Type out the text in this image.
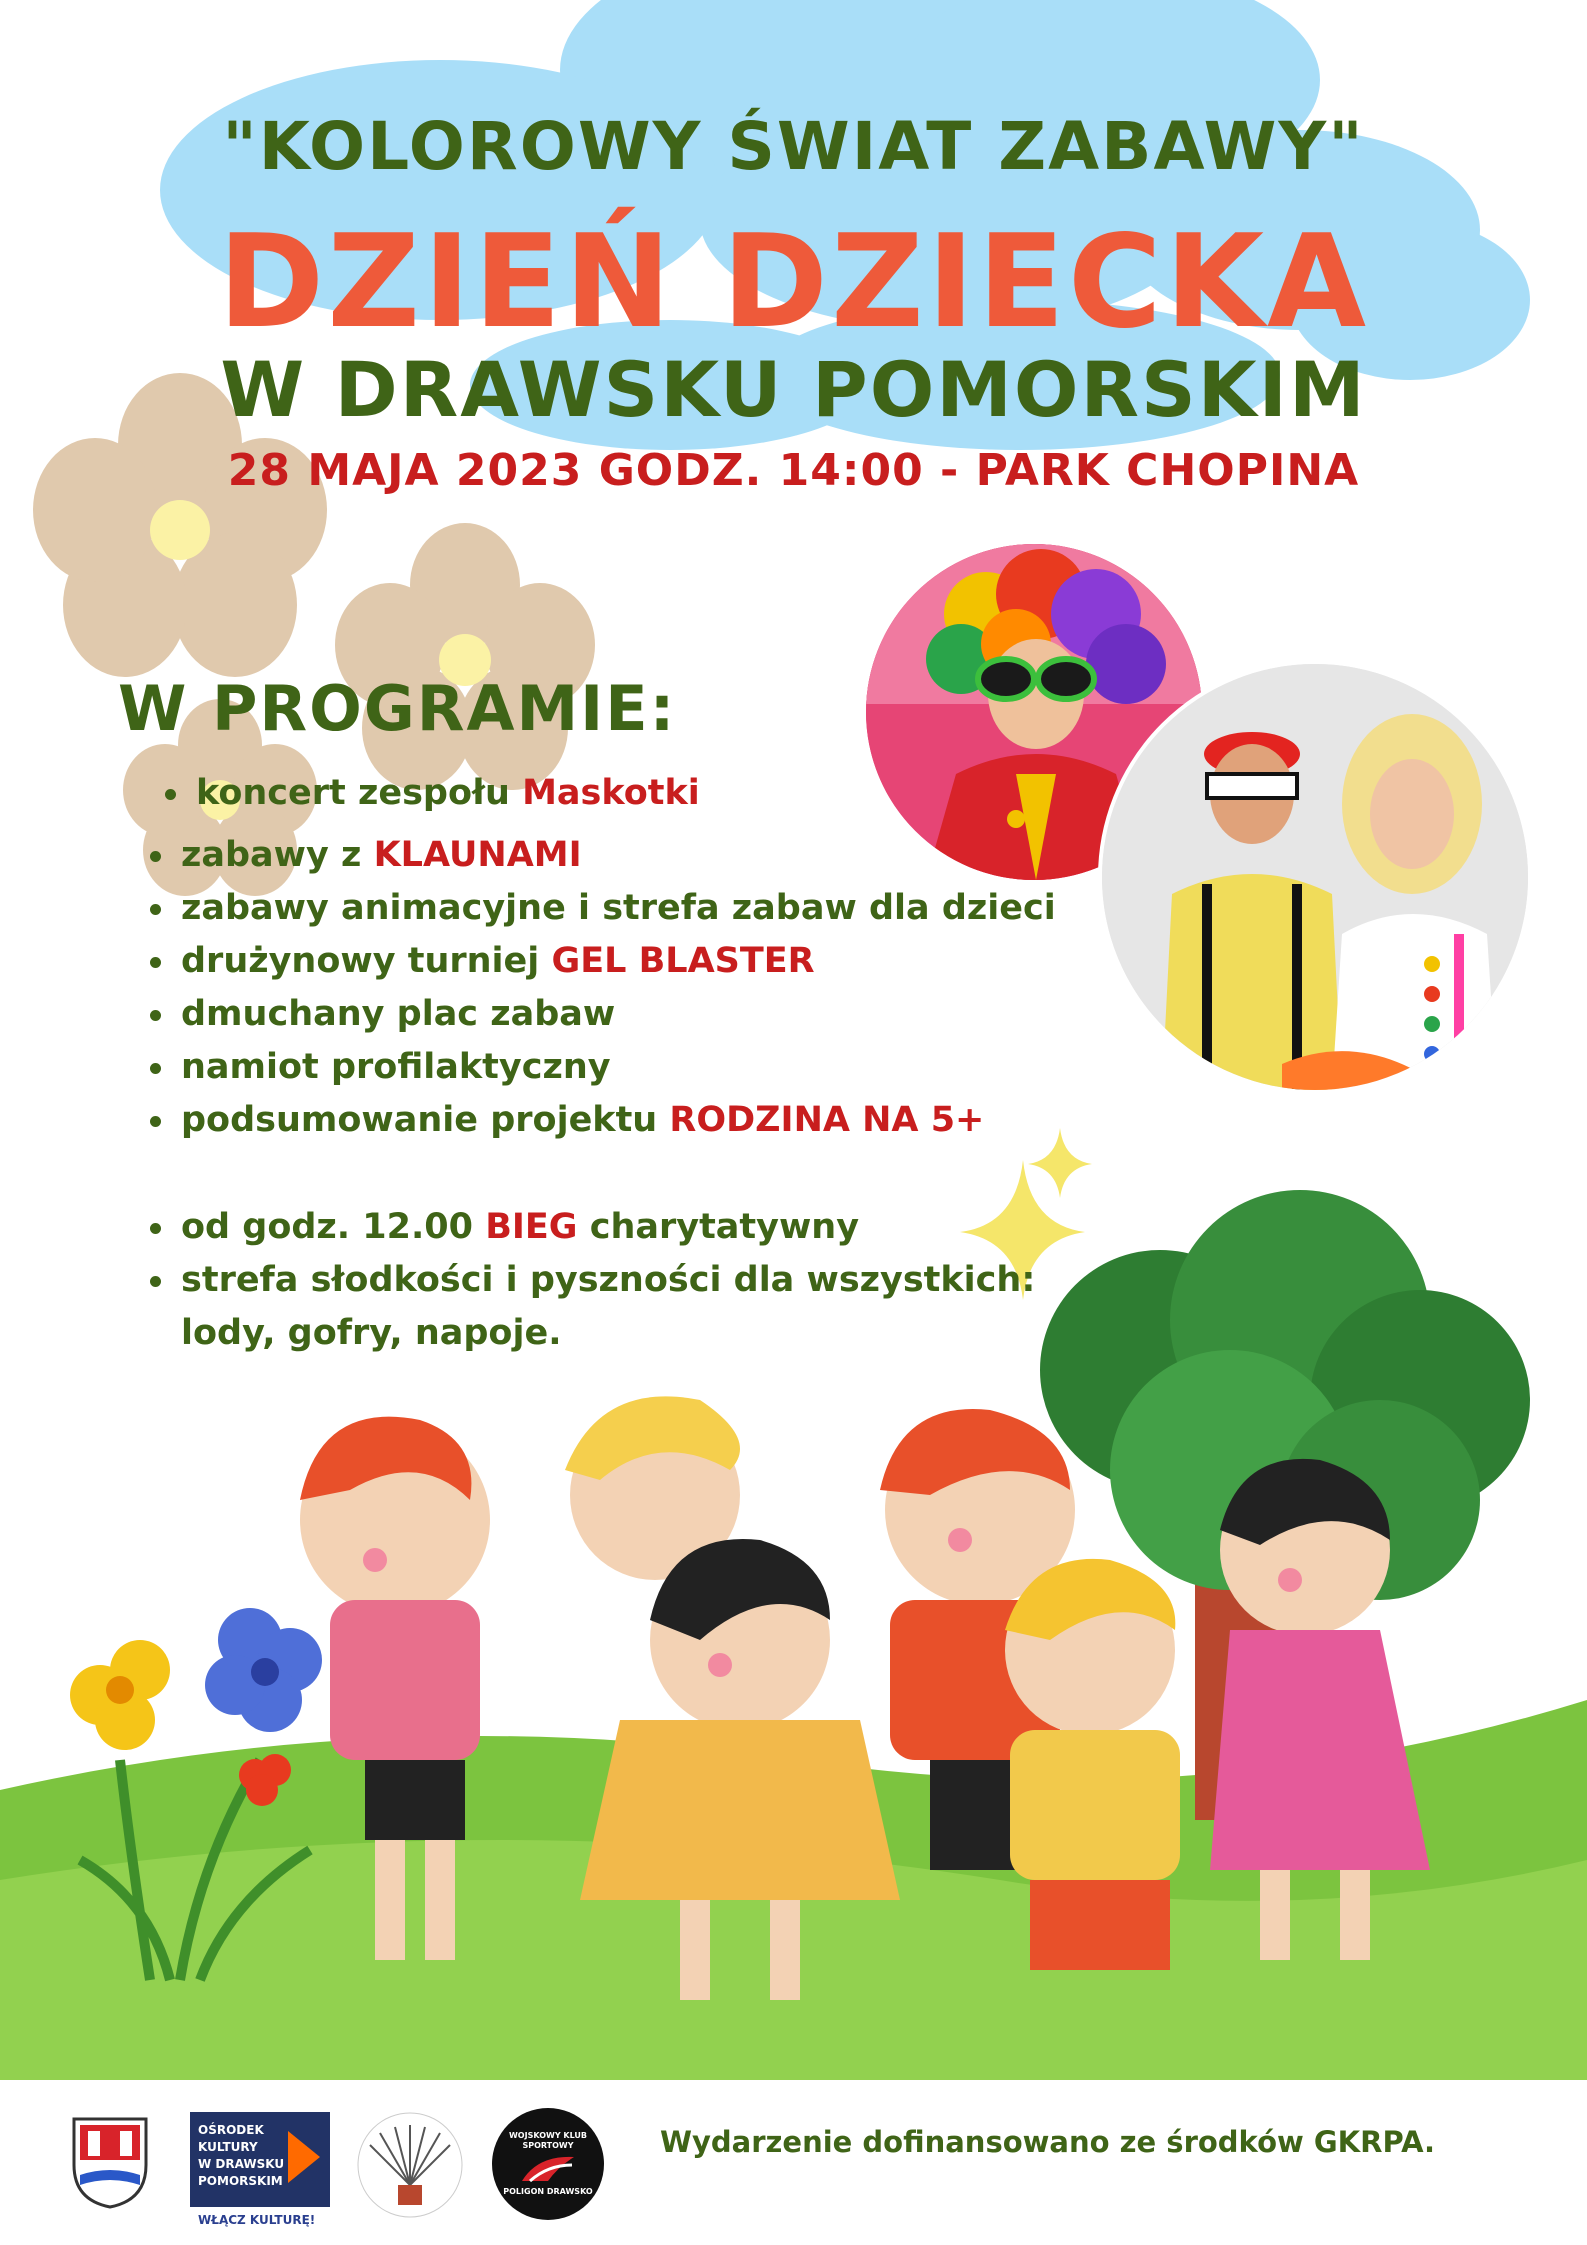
"KOLOROWY ŚWIAT ZABAWY"
DZIEŃ DZIECKA
W DRAWSKU POMORSKIM
28 MAJA 2023 GODZ. 14:00 - PARK CHOPINA
W PROGRAMIE:
koncert zespołu Maskotki
zabawy z KLAUNAMI
zabawy animacyjne i strefa zabaw dla dzieci
drużynowy turniej GEL BLASTER
dmuchany plac zabaw
namiot profilaktyczny
podsumowanie projektu RODZINA NA 5+
od godz. 12.00 BIEG charytatywny
strefa słodkości i pyszności dla wszystkich:
lody, gofry, napoje.
OŚRODEK
KULTURY
W DRAWSKU
POMORSKIM
WŁĄCZ KULTURĘ!
WOJSKOWY KLUB SPORTOWY
POLIGON DRAWSKO
Wydarzenie dofinansowano ze środków GKRPA.
